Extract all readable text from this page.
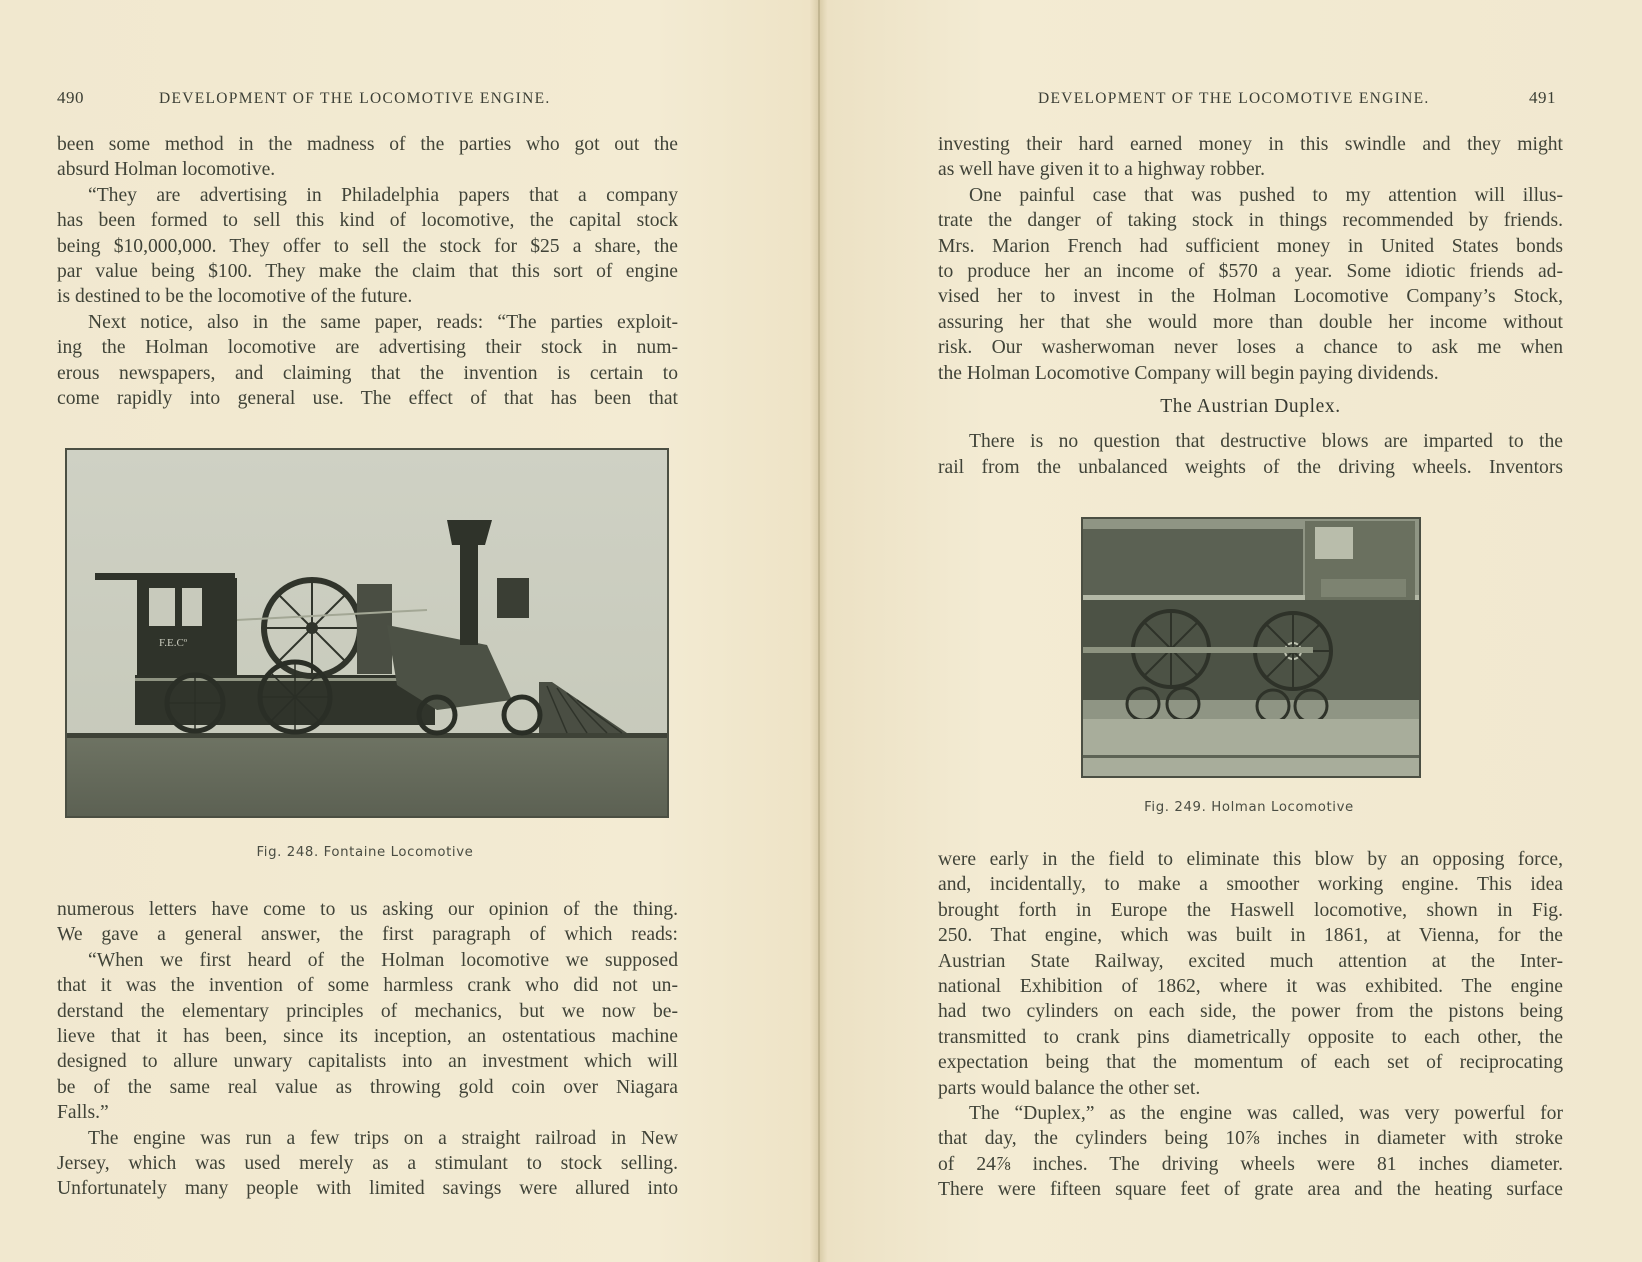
490	DEVELOPMENT OF THE LOCOMOTIVE ENGINE.
been some method in the madness of the parties who got out the
absurd Holman locomotive.
“They are advertising in Philadelphia papers that a company
has been formed to sell this kind of locomotive, the capital stock
being $10,000,000. They offer to sell the stock for $25 a share, the
par value being $100. They make the claim that this sort of engine
is destined to be the locomotive of the future.
Next notice, also in the same paper, reads: “The parties exploit-
ing the Holman locomotive are advertising their stock in num-
erous newspapers, and claiming that the invention is certain to
come rapidly into general use. The effect of that has been that
F.E.Cº
Fig. 248. Fontaine Locomotive
numerous letters have come to us asking our opinion of the thing.
We gave a general answer, the first paragraph of which reads:
“When we first heard of the Holman locomotive we supposed
that it was the invention of some harmless crank who did not un-
derstand the elementary principles of mechanics, but we now be-
lieve that it has been, since its inception, an ostentatious machine
designed to allure unwary capitalists into an investment which will
be of the same real value as throwing gold coin over Niagara
Falls.”
The engine was run a few trips on a straight railroad in New
Jersey, which was used merely as a stimulant to stock selling.
Unfortunately many people with limited savings were allured into
DEVELOPMENT OF THE LOCOMOTIVE ENGINE.	491
investing their hard earned money in this swindle and they might
as well have given it to a highway robber.
One painful case that was pushed to my attention will illus-
trate the danger of taking stock in things recommended by friends.
Mrs. Marion French had sufficient money in United States bonds
to produce her an income of $570 a year. Some idiotic friends ad-
vised her to invest in the Holman Locomotive Company’s Stock,
assuring her that she would more than double her income without
risk. Our washerwoman never loses a chance to ask me when
the Holman Locomotive Company will begin paying dividends.
The Austrian Duplex.
There is no question that destructive blows are imparted to the
rail from the unbalanced weights of the driving wheels. Inventors
Fig. 249. Holman Locomotive
were early in the field to eliminate this blow by an opposing force,
and, incidentally, to make a smoother working engine. This idea
brought forth in Europe the Haswell locomotive, shown in Fig.
250. That engine, which was built in 1861, at Vienna, for the
Austrian State Railway, excited much attention at the Inter-
national Exhibition of 1862, where it was exhibited. The engine
had two cylinders on each side, the power from the pistons being
transmitted to crank pins diametrically opposite to each other, the
expectation being that the momentum of each set of reciprocating
parts would balance the other set.
The “Duplex,” as the engine was called, was very powerful for
that day, the cylinders being 10⅞ inches in diameter with stroke
of 24⅞ inches. The driving wheels were 81 inches diameter.
There were fifteen square feet of grate area and the heating surface
